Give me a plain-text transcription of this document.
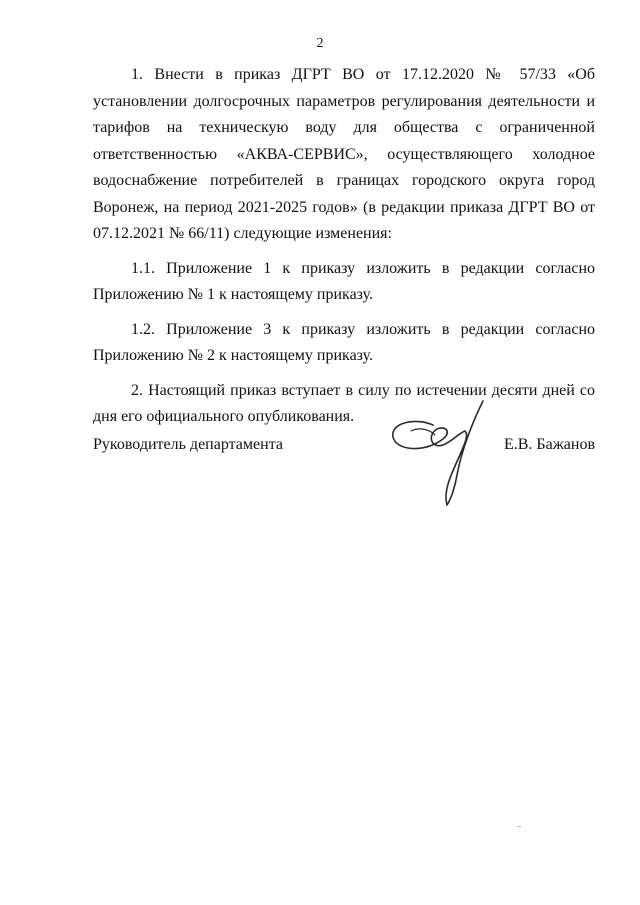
2

1. Внести в приказ ДГРТ ВО от 17.12.2020 № 57/33 «Об установлении долгосрочных параметров регулирования деятельности и тарифов на техническую воду для общества с ограниченной ответственностью «АКВА-СЕРВИС», осуществляющего холодное водоснабжение потребителей в границах городского округа город Воронеж, на период 2021-2025 годов» (в редакции приказа ДГРТ ВО от 07.12.2021 № 66/11) следующие изменения:

1.1. Приложение 1 к приказу изложить в редакции согласно Приложению № 1 к настоящему приказу.

1.2. Приложение 3 к приказу изложить в редакции согласно Приложению № 2 к настоящему приказу.

2. Настоящий приказ вступает в силу по истечении десяти дней со дня его официального опубликования.

Руководитель департамента	Е.В. Бажанов
